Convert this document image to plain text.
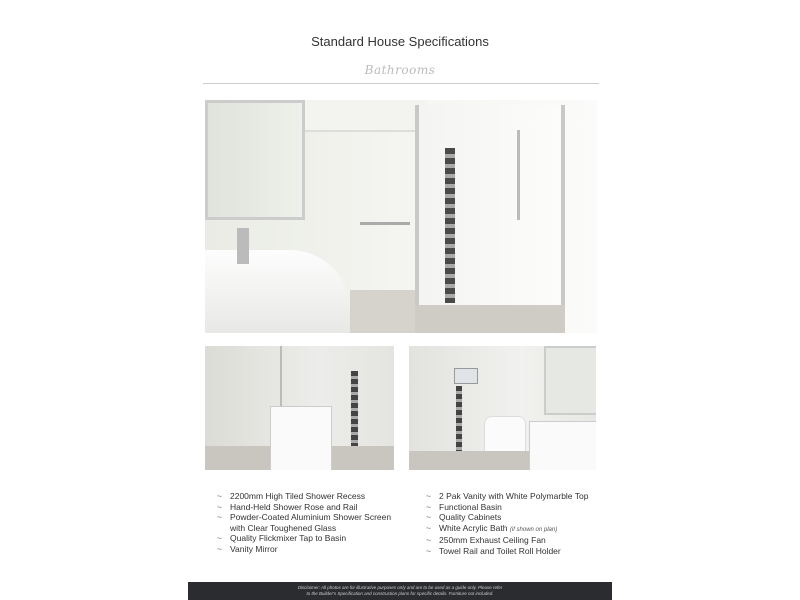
Standard House Specifications
Bathrooms
~ 2200mm High Tiled Shower Recess
~ Hand-Held Shower Rose and Rail
~ Powder-Coated Aluminium Shower Screen with Clear Toughened Glass
~ Quality Flickmixer Tap to Basin
~ Vanity Mirror
~ 2 Pak Vanity with White Polymarble Top
~ Functional Basin
~ Quality Cabinets
~ White Acrylic Bath (if shown on plan)
~ 250mm Exhaust Ceiling Fan
~ Towel Rail and Toilet Roll Holder
Disclaimer: All photos are for illustrative purposes only and are to be used as a guide only. Please refer
to the Builder's Specification and construction plans for specific details. Furniture not included.
